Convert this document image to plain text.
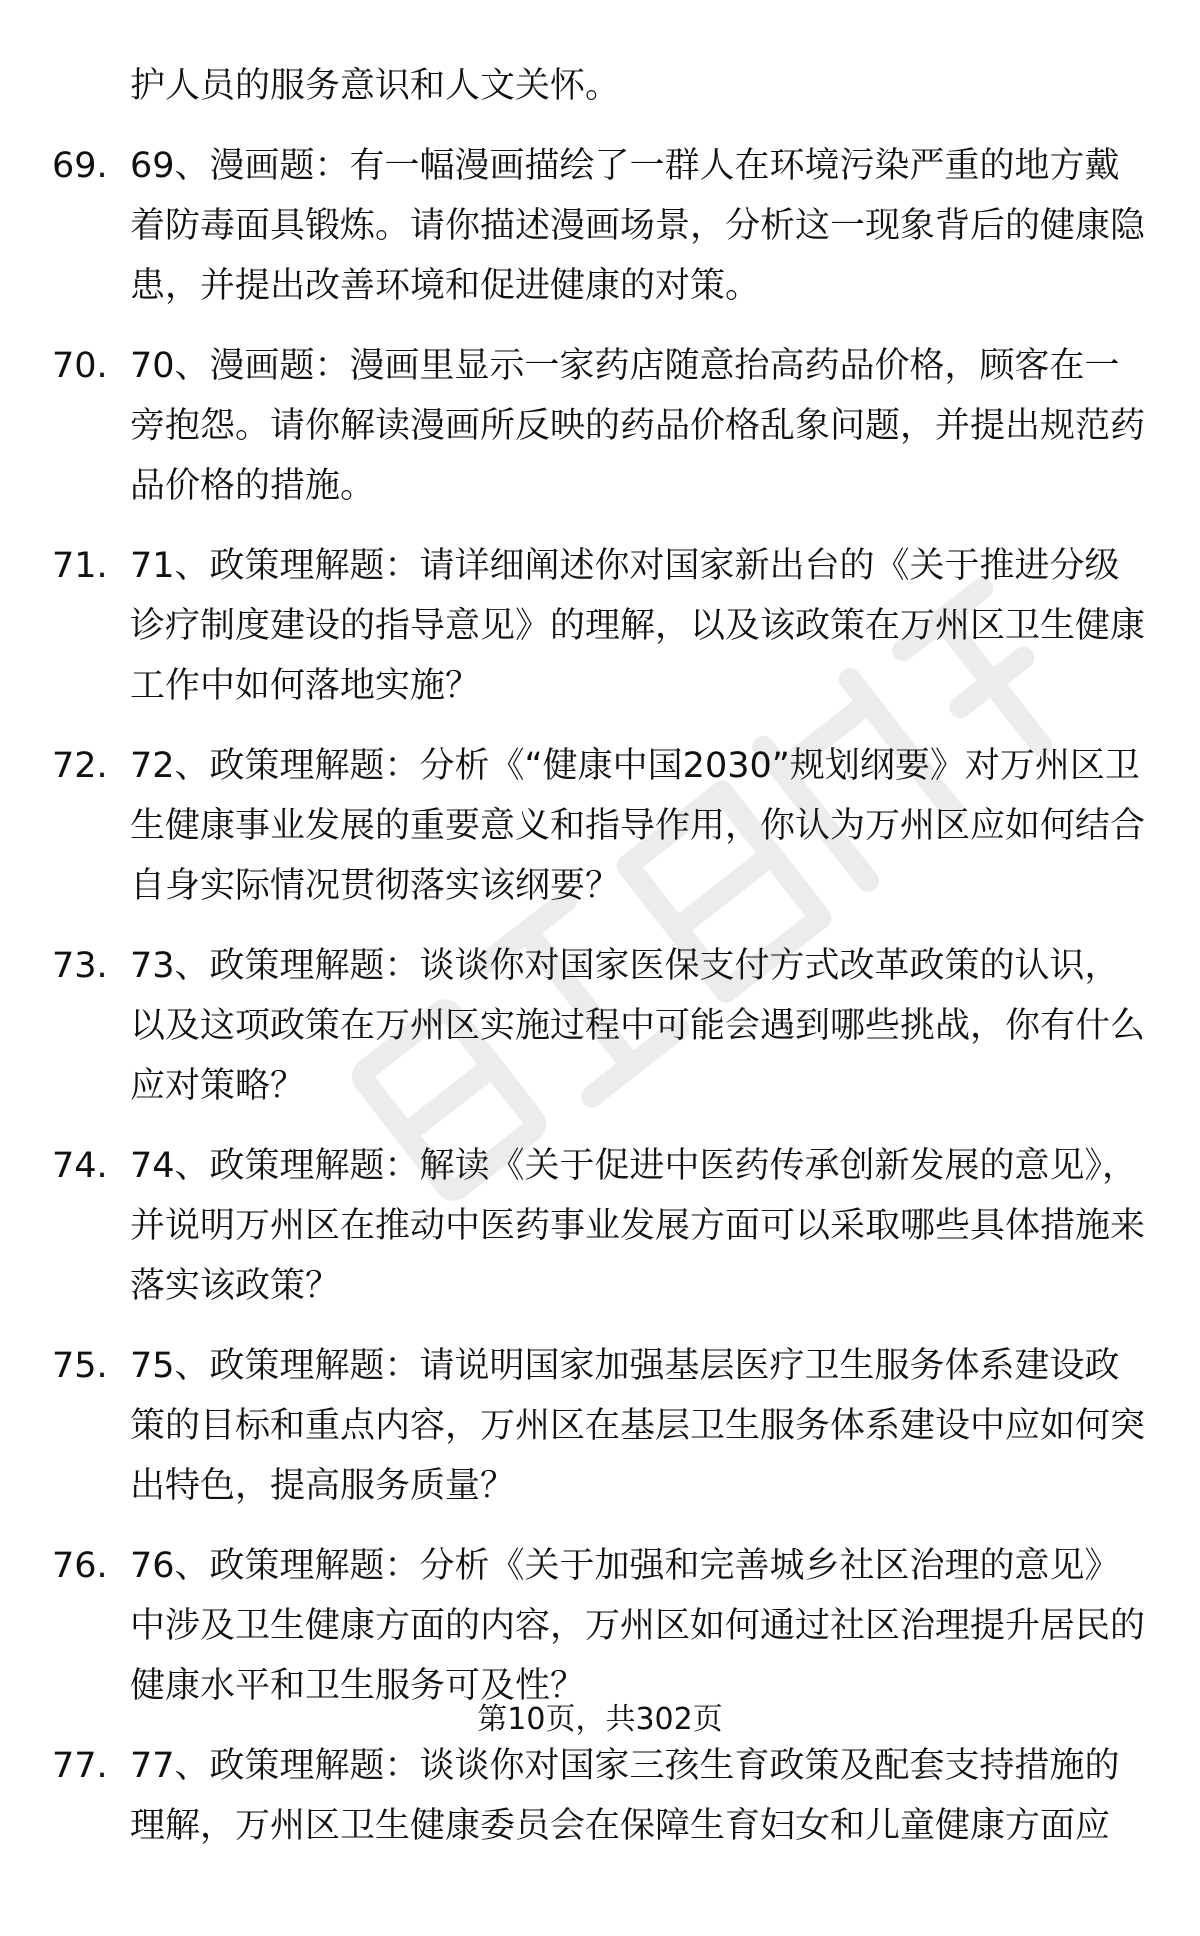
护人员的服务意识和人文关怀。
69. 69、漫画题：有一幅漫画描绘了一群人在环境污染严重的地方戴着防毒面具锻炼。请你描述漫画场景，分析这一现象背后的健康隐患，并提出改善环境和促进健康的对策。
70. 70、漫画题：漫画里显示一家药店随意抬高药品价格，顾客在一旁抱怨。请你解读漫画所反映的药品价格乱象问题，并提出规范药品价格的措施。
71. 71、政策理解题：请详细阐述你对国家新出台的《关于推进分级诊疗制度建设的指导意见》的理解，以及该政策在万州区卫生健康工作中如何落地实施？
72. 72、政策理解题：分析《“健康中国2030”规划纲要》对万州区卫生健康事业发展的重要意义和指导作用，你认为万州区应如何结合自身实际情况贯彻落实该纲要？
73. 73、政策理解题：谈谈你对国家医保支付方式改革政策的认识，以及这项政策在万州区实施过程中可能会遇到哪些挑战，你有什么应对策略？
74. 74、政策理解题：解读《关于促进中医药传承创新发展的意见》，并说明万州区在推动中医药事业发展方面可以采取哪些具体措施来落实该政策？
75. 75、政策理解题：请说明国家加强基层医疗卫生服务体系建设政策的目标和重点内容，万州区在基层卫生服务体系建设中应如何突出特色，提高服务质量？
76. 76、政策理解题：分析《关于加强和完善城乡社区治理的意见》中涉及卫生健康方面的内容，万州区如何通过社区治理提升居民的健康水平和卫生服务可及性？
77. 77、政策理解题：谈谈你对国家三孩生育政策及配套支持措施的理解，万州区卫生健康委员会在保障生育妇女和儿童健康方面应
第10页，共302页
